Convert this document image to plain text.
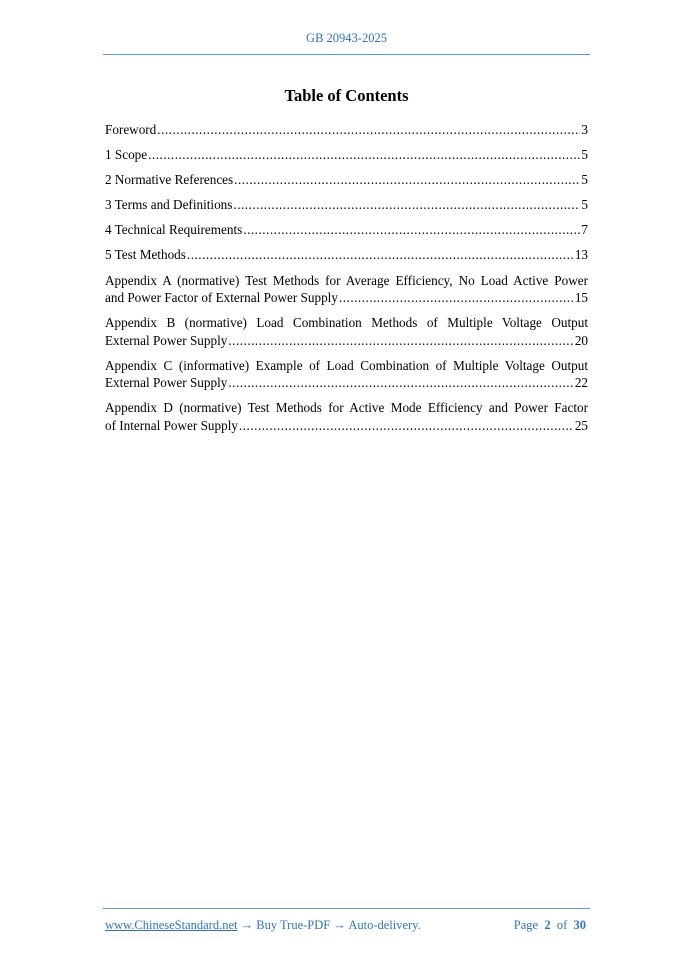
GB 20943-2025
Table of Contents
Foreword .....	3
1 Scope .....	5
2 Normative References .....	5
3 Terms and Definitions .....	5
4 Technical Requirements .....	7
5 Test Methods .....	13
Appendix A (normative) Test Methods for Average Efficiency, No Load Active Power
and Power Factor of External Power Supply .....	15
Appendix B (normative) Load Combination Methods of Multiple Voltage Output
External Power Supply .....	20
Appendix C (informative) Example of Load Combination of Multiple Voltage Output
External Power Supply .....	22
Appendix D (normative) Test Methods for Active Mode Efficiency and Power Factor
of Internal Power Supply .....	25
www.ChineseStandard.net → Buy True-PDF → Auto-delivery.	Page 2 of 30
